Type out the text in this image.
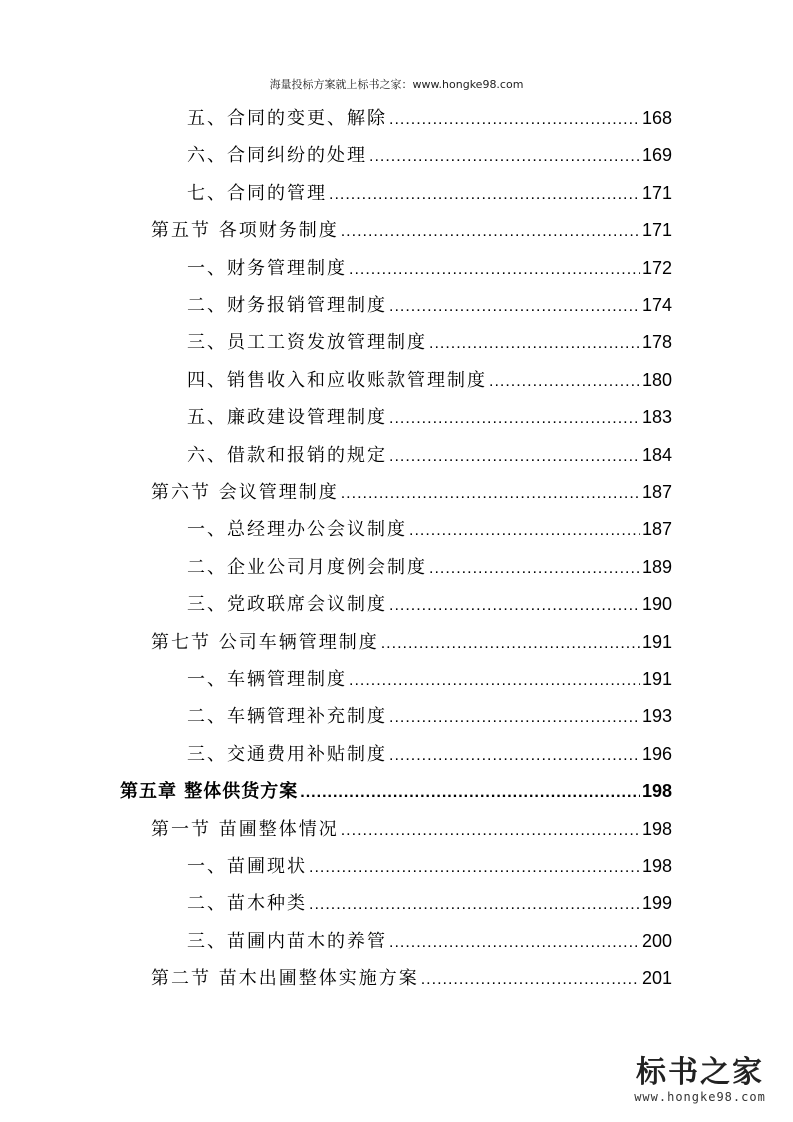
海量投标方案就上标书之家：www.hongke98.com
五、合同的变更、解除 .....	168
六、合同纠纷的处理 .....	169
七、合同的管理 .....	171
第五节 各项财务制度 .....	171
一、财务管理制度 .....	172
二、财务报销管理制度 .....	174
三、员工工资发放管理制度 .....	178
四、销售收入和应收账款管理制度 .....	180
五、廉政建设管理制度 .....	183
六、借款和报销的规定 .....	184
第六节 会议管理制度 .....	187
一、总经理办公会议制度 .....	187
二、企业公司月度例会制度 .....	189
三、党政联席会议制度 .....	190
第七节 公司车辆管理制度 .....	191
一、车辆管理制度 .....	191
二、车辆管理补充制度 .....	193
三、交通费用补贴制度 .....	196
第五章 整体供货方案 .....	198
第一节 苗圃整体情况 .....	198
一、苗圃现状 .....	198
二、苗木种类 .....	199
三、苗圃内苗木的养管 .....	200
第二节 苗木出圃整体实施方案 .....	201
标书之家
www.hongke98.com
